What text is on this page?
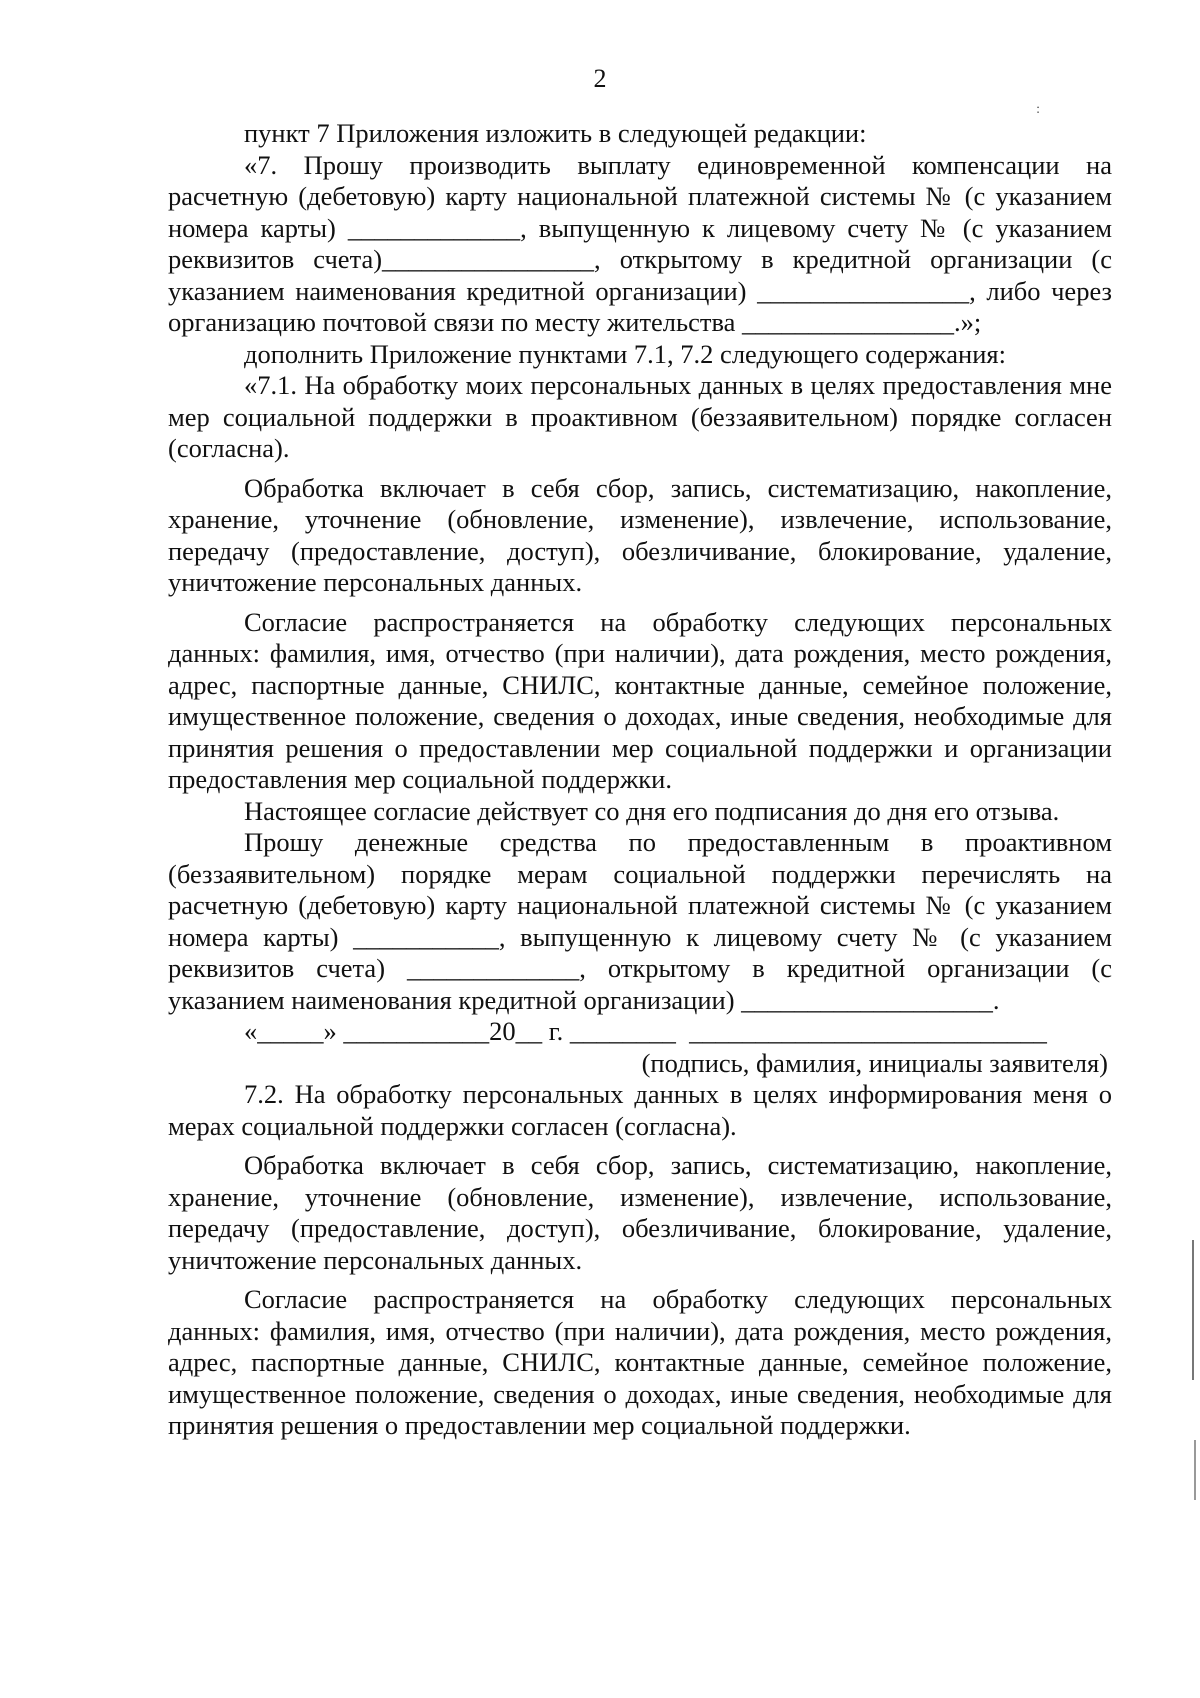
2

пункт 7 Приложения изложить в следующей редакции:

«7. Прошу производить выплату единовременной компенсации на расчетную (дебетовую) карту национальной платежной системы № (с указанием номера карты) _____________, выпущенную к лицевому счету № (с указанием реквизитов счета)________________, открытому в кредитной организации (с указанием наименования кредитной организации) ________________, либо через организацию почтовой связи по месту жительства ________________.»;

дополнить Приложение пунктами 7.1, 7.2 следующего содержания:

«7.1. На обработку моих персональных данных в целях предоставления мне мер социальной поддержки в проактивном (беззаявительном) порядке согласен (согласна).

Обработка включает в себя сбор, запись, систематизацию, накопление, хранение, уточнение (обновление, изменение), извлечение, использование, передачу (предоставление, доступ), обезличивание, блокирование, удаление, уничтожение персональных данных.

Согласие распространяется на обработку следующих персональных данных: фамилия, имя, отчество (при наличии), дата рождения, место рождения, адрес, паспортные данные, СНИЛС, контактные данные, семейное положение, имущественное положение, сведения о доходах, иные сведения, необходимые для принятия решения о предоставлении мер социальной поддержки и организации предоставления мер социальной поддержки.

Настоящее согласие действует со дня его подписания до дня его отзыва.

Прошу денежные средства по предоставленным в проактивном (беззаявительном) порядке мерам социальной поддержки перечислять на расчетную (дебетовую) карту национальной платежной системы № (с указанием номера карты) ___________, выпущенную к лицевому счету № (с указанием реквизитов счета) _____________, открытому в кредитной организации (с указанием наименования кредитной организации) ___________________.

«_____» ___________20__ г. ________  ___________________________

(подпись, фамилия, инициалы заявителя)

7.2. На обработку персональных данных в целях информирования меня о мерах социальной поддержки согласен (согласна).

Обработка включает в себя сбор, запись, систематизацию, накопление, хранение, уточнение (обновление, изменение), извлечение, использование, передачу (предоставление, доступ), обезличивание, блокирование, удаление, уничтожение персональных данных.

Согласие распространяется на обработку следующих персональных данных: фамилия, имя, отчество (при наличии), дата рождения, место рождения, адрес, паспортные данные, СНИЛС, контактные данные, семейное положение, имущественное положение, сведения о доходах, иные сведения, необходимые для принятия решения о предоставлении мер социальной поддержки.

:
